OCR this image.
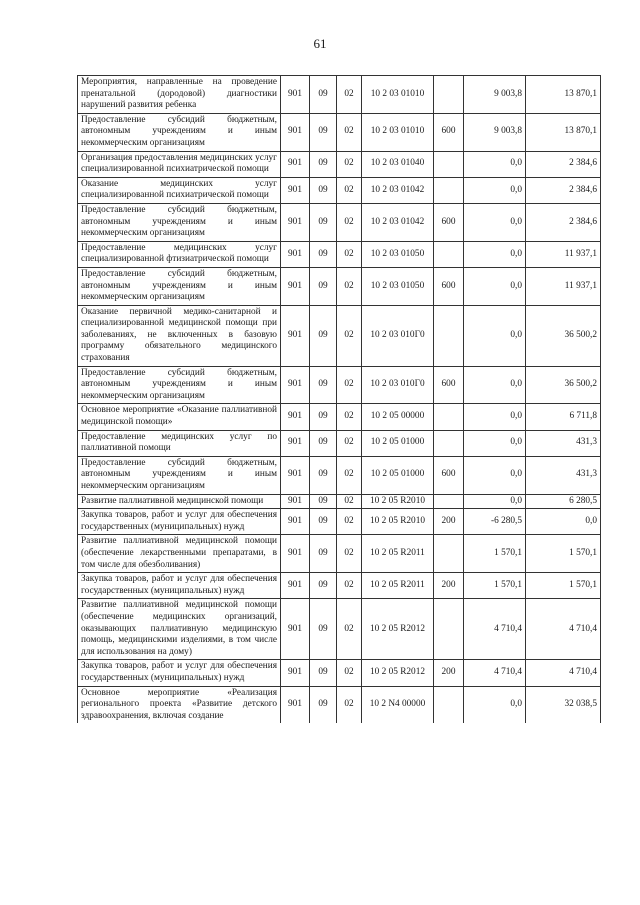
61
Мероприятия, направленные на проведение пренатальной (дородовой) диагностики нарушений развития ребенка	901	09	02	10 2 03 01010		9 003,8	13 870,1
Предоставление субсидий бюджетным, автономным учреждениям и иным некоммерческим организациям	901	09	02	10 2 03 01010	600	9 003,8	13 870,1
Организация предоставления медицинских услуг специализированной психиатрической помощи	901	09	02	10 2 03 01040		0,0	2 384,6
Оказание медицинских услуг специализированной психиатрической помощи	901	09	02	10 2 03 01042		0,0	2 384,6
Предоставление субсидий бюджетным, автономным учреждениям и иным некоммерческим организациям	901	09	02	10 2 03 01042	600	0,0	2 384,6
Предоставление медицинских услуг специализированной фтизиатрической помощи	901	09	02	10 2 03 01050		0,0	11 937,1
Предоставление субсидий бюджетным, автономным учреждениям и иным некоммерческим организациям	901	09	02	10 2 03 01050	600	0,0	11 937,1
Оказание первичной медико-санитарной и специализированной медицинской помощи при заболеваниях, не включенных в базовую программу обязательного медицинского страхования	901	09	02	10 2 03 010Г0		0,0	36 500,2
Предоставление субсидий бюджетным, автономным учреждениям и иным некоммерческим организациям	901	09	02	10 2 03 010Г0	600	0,0	36 500,2
Основное мероприятие «Оказание паллиативной медицинской помощи»	901	09	02	10 2 05 00000		0,0	6 711,8
Предоставление медицинских услуг по паллиативной помощи	901	09	02	10 2 05 01000		0,0	431,3
Предоставление субсидий бюджетным, автономным учреждениям и иным некоммерческим организациям	901	09	02	10 2 05 01000	600	0,0	431,3
Развитие паллиативной медицинской помощи	901	09	02	10 2 05 R2010		0,0	6 280,5
Закупка товаров, работ и услуг для обеспечения государственных (муниципальных) нужд	901	09	02	10 2 05 R2010	200	-6 280,5	0,0
Развитие паллиативной медицинской помощи (обеспечение лекарственными препаратами, в том числе для обезболивания)	901	09	02	10 2 05 R2011		1 570,1	1 570,1
Закупка товаров, работ и услуг для обеспечения государственных (муниципальных) нужд	901	09	02	10 2 05 R2011	200	1 570,1	1 570,1
Развитие паллиативной медицинской помощи (обеспечение медицинских организаций, оказывающих паллиативную медицинскую помощь, медицинскими изделиями, в том числе для использования на дому)	901	09	02	10 2 05 R2012		4 710,4	4 710,4
Закупка товаров, работ и услуг для обеспечения государственных (муниципальных) нужд	901	09	02	10 2 05 R2012	200	4 710,4	4 710,4
Основное мероприятие «Реализация регионального проекта «Развитие детского здравоохранения, включая создание	901	09	02	10 2 N4 00000		0,0	32 038,5
